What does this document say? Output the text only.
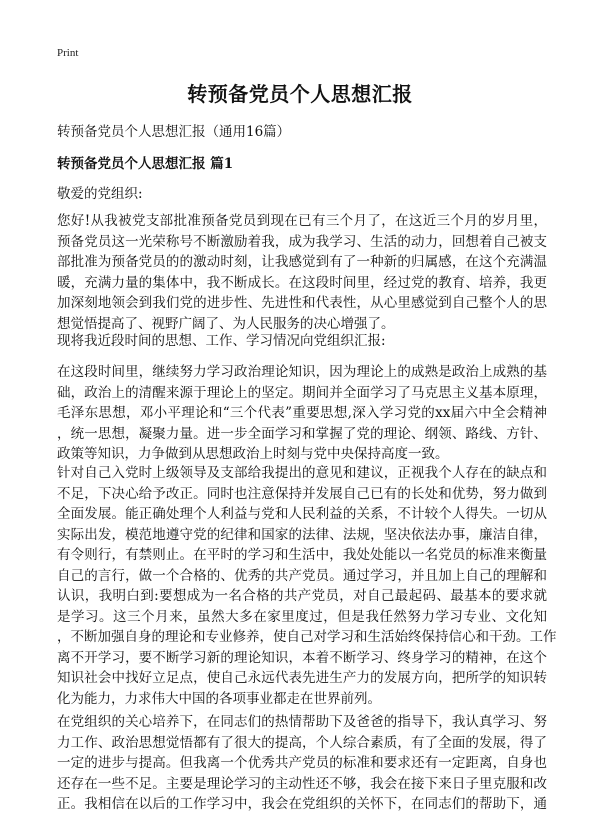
Print
转预备党员个人思想汇报
转预备党员个人思想汇报（通用16篇）
转预备党员个人思想汇报 篇1
敬爱的党组织:
您好!从我被党支部批准预备党员到现在已有三个月了，在这近三个月的岁月里，
预备党员这一光荣称号不断激励着我，成为我学习、生活的动力，回想着自己被支
部批准为预备党员的的激动时刻，让我感觉到有了一种新的归属感，在这个充满温
暖，充满力量的集体中，我不断成长。在这段时间里，经过党的教育、培养，我更
加深刻地领会到我们党的进步性、先进性和代表性，从心里感觉到自己整个人的思
想觉悟提高了、视野广阔了、为人民服务的决心增强了。
现将我近段时间的思想、工作、学习情况向党组织汇报:
在这段时间里，继续努力学习政治理论知识，因为理论上的成熟是政治上成熟的基
础，政治上的清醒来源于理论上的坚定。期间并全面学习了马克思主义基本原理，
毛泽东思想，邓小平理论和“三个代表”重要思想,深入学习党的xx届六中全会精神
，统一思想，凝聚力量。进一步全面学习和掌握了党的理论、纲领、路线、方针、
政策等知识，力争做到从思想政治上时刻与党中央保持高度一致。
针对自己入党时上级领导及支部给我提出的意见和建议，正视我个人存在的缺点和
不足，下决心给予改正。同时也注意保持并发展自己已有的长处和优势，努力做到
全面发展。能正确处理个人利益与党和人民利益的关系，不计较个人得失。一切从
实际出发，模范地遵守党的纪律和国家的法律、法规，坚决依法办事，廉洁自律，
有令则行，有禁则止。在平时的学习和生活中，我处处能以一名党员的标准来衡量
自己的言行，做一个合格的、优秀的共产党员。通过学习，并且加上自己的理解和
认识，我明白到:要想成为一名合格的共产党员，对自己最起码、最基本的要求就
是学习。这三个月来，虽然大多在家里度过，但是我任然努力学习专业、文化知
，不断加强自身的理论和专业修养，使自己对学习和生活始终保持信心和干劲。工作
离不开学习，要不断学习新的理论知识，本着不断学习、终身学习的精神，在这个
知识社会中找好立足点，使自己永远代表先进生产力的发展方向，把所学的知识转
化为能力，力求伟大中国的各项事业都走在世界前列。
在党组织的关心培养下，在同志们的热情帮助下及爸爸的指导下，我认真学习、努
力工作、政治思想觉悟都有了很大的提高，个人综合素质，有了全面的发展，得了
一定的进步与提高。但我离一个优秀共产党员的标准和要求还有一定距离，自身也
还存在一些不足。主要是理论学习的主动性还不够，我会在接下来日子里克服和改
正。我相信在以后的工作学习中，我会在党组织的关怀下，在同志们的帮助下，通
